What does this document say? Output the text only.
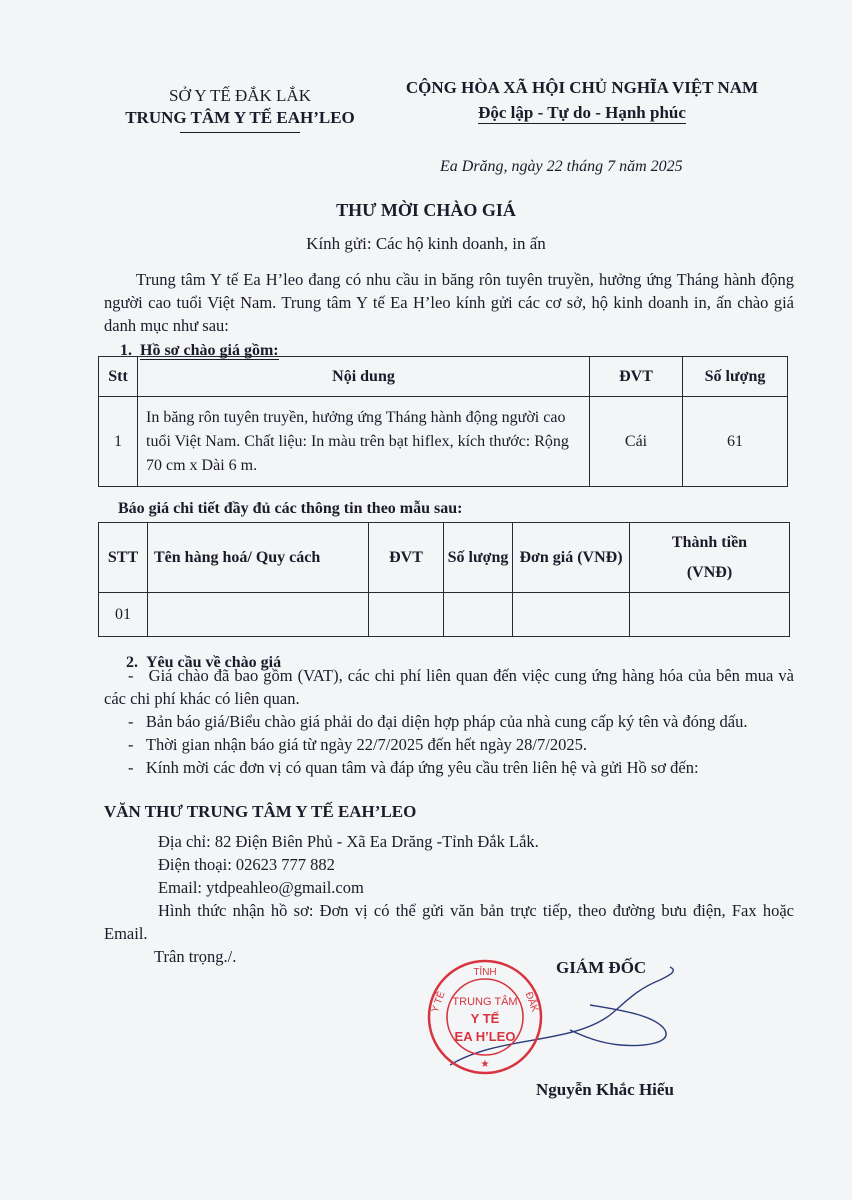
SỞ Y TẾ ĐẮK LẮK
TRUNG TÂM Y TẾ EAH’LEO
CỘNG HÒA XÃ HỘI CHỦ NGHĨA VIỆT NAM
Độc lập - Tự do - Hạnh phúc
Ea Drăng, ngày 22 tháng 7 năm 2025
THƯ MỜI CHÀO GIÁ
Kính gửi: Các hộ kinh doanh, in ấn
Trung tâm Y tế Ea H’leo đang có nhu cầu in băng rôn tuyên truyền, hưởng ứng Tháng hành động người cao tuổi Việt Nam. Trung tâm Y tế Ea H’leo kính gửi các cơ sở, hộ kinh doanh in, ấn chào giá danh mục như sau:
1. Hồ sơ chào giá gồm:
Stt	Nội dung	ĐVT	Số lượng
1	In băng rôn tuyên truyền, hưởng ứng Tháng hành động người cao tuổi Việt Nam. Chất liệu: In màu trên bạt hiflex, kích thước: Rộng 70 cm x Dài 6 m.	Cái	61
Báo giá chi tiết đầy đủ các thông tin theo mẫu sau:
STT	Tên hàng hoá/ Quy cách	ĐVT	Số lượng	Đơn giá (VNĐ)	Thành tiền
(VNĐ)
01					
2. Yêu cầu về chào giá

-   Giá chào đã bao gồm (VAT), các chi phí liên quan đến việc cung ứng hàng hóa của bên mua và các chi phí khác có liên quan.

-   Bản báo giá/Biểu chào giá phải do đại diện hợp pháp của nhà cung cấp ký tên và đóng dấu.

-   Thời gian nhận báo giá từ ngày 22/7/2025 đến hết ngày 28/7/2025.

-   Kính mời các đơn vị có quan tâm và đáp ứng yêu cầu trên liên hệ và gửi Hồ sơ đến:

VĂN THƯ TRUNG TÂM Y TẾ EAH’LEO

Địa chỉ: 82 Điện Biên Phủ - Xã Ea Drăng -Tỉnh Đắk Lắk.

Điện thoại: 02623 777 882

Email: ytdpeahleo@gmail.com

Hình thức nhận hồ sơ: Đơn vị có thể gửi văn bản trực tiếp, theo đường bưu điện, Fax hoặc Email.

Trân trọng./.

GIÁM ĐỐC
TỈNH
Y TẾ	ĐẮK
TRUNG TÂM
Y TẾ
EA H’LEO
★
Nguyễn Khắc Hiếu
